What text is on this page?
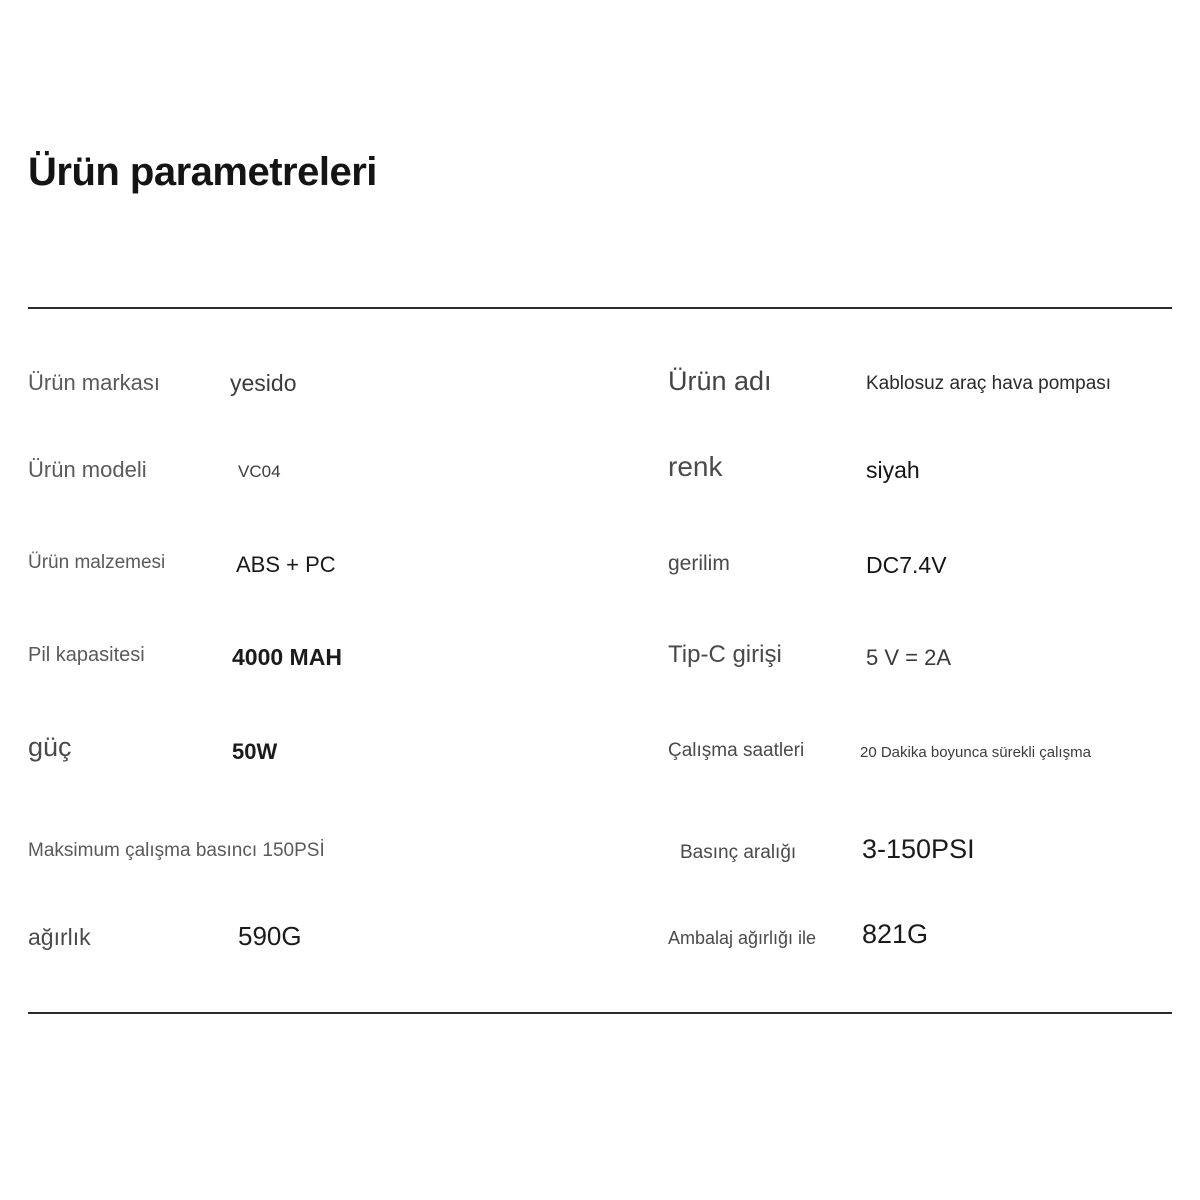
Ürün parametreleri
Ürün markası	yesido	Ürün adı	Kablosuz araç hava pompası
Ürün modeli	VC04	renk	siyah
Ürün malzemesi	ABS + PC	gerilim	DC7.4V
Pil kapasitesi	4000 MAH	Tip-C girişi	5 V = 2A
güç	50W	Çalışma saatleri	20 Dakika boyunca sürekli çalışma
Maksimum çalışma basıncı 150PSİ	Basınç aralığı 3-150PSI
ağırlık	590G	Ambalaj ağırlığı ile 821G
